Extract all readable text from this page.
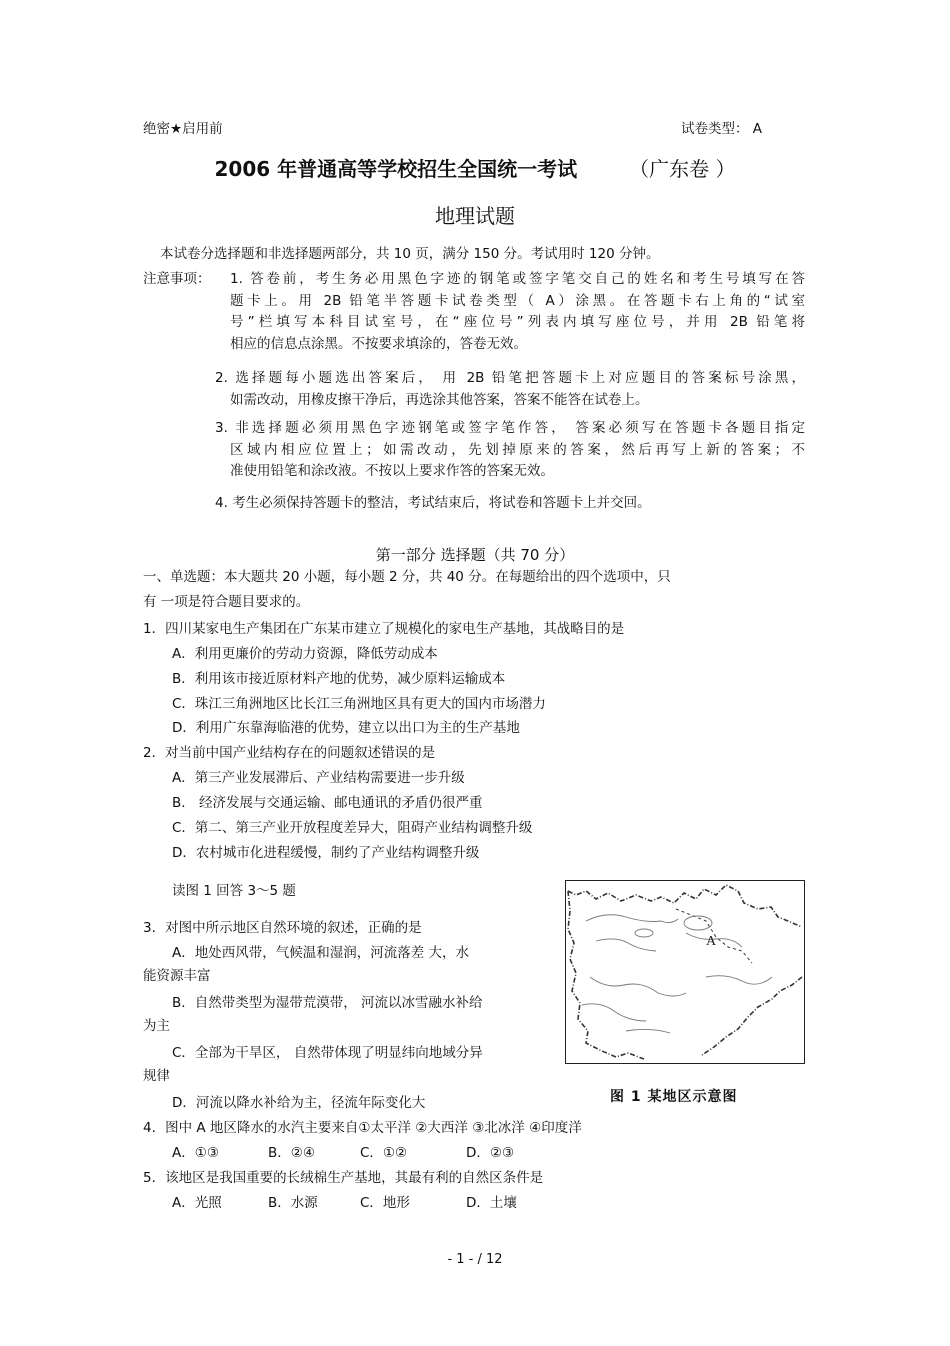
绝密★启用前	试卷类型： A
2006 年普通高等学校招生全国统一考试	（广东卷 ）
地理试题
本试卷分选择题和非选择题两部分，共 10 页，满分 150 分。考试用时 120 分钟。
注意事项： 1. 答卷前，考生务必用黑色字迹的钢笔或签字笔交自己的姓名和考生号填写在答
题卡上。用 2B 铅笔半答题卡试卷类型（ A）涂黑。在答题卡右上角的“试室
号”栏填写本科目试室号，在“座位号”列表内填写座位号，并用 2B 铅笔将
相应的信息点涂黑。不按要求填涂的，答卷无效。
2. 选择题每小题选出答案后， 用 2B 铅笔把答题卡上对应题目的答案标号涂黑，
如需改动，用橡皮擦干净后，再选涂其他答案，答案不能答在试卷上。
3. 非选择题必须用黑色字迹钢笔或签字笔作答， 答案必须写在答题卡各题目指定
区域内相应位置上；如需改动，先划掉原来的答案，然后再写上新的答案；不
准使用铅笔和涂改液。不按以上要求作答的答案无效。
4. 考生必须保持答题卡的整洁，考试结束后，将试卷和答题卡上并交回。
第一部分 选择题（共 70 分）
一、单选题：本大题共 20 小题，每小题 2 分，共 40 分。在每题给出的四个选项中，只
有 一项是符合题目要求的。
1．四川某家电生产集团在广东某市建立了规模化的家电生产基地，其战略目的是
A．利用更廉价的劳动力资源，降低劳动成本
B．利用该市接近原材料产地的优势，减少原料运输成本
C．珠江三角洲地区比长江三角洲地区具有更大的国内市场潜力
D．利用广东靠海临港的优势，建立以出口为主的生产基地
2．对当前中国产业结构存在的问题叙述错误的是
A．第三产业发展滞后、产业结构需要进一步升级
B． 经济发展与交通运输、邮电通讯的矛盾仍很严重
C．第二、第三产业开放程度差异大，阻碍产业结构调整升级
D．农村城市化进程缓慢，制约了产业结构调整升级
读图 1 回答 3～5 题
3．对图中所示地区自然环境的叙述，正确的是
A．地处西风带，气候温和湿润，河流落差 大，水
能资源丰富
B．自然带类型为湿带荒漠带， 河流以冰雪融水补给
为主
C．全部为干旱区， 自然带体现了明显纬向地域分异
规律
D．河流以降水补给为主，径流年际变化大
A
图 1 某地区示意图
4．图中 A 地区降水的水汽主要来自①太平洋 ②大西洋 ③北冰洋 ④印度洋
A．①③	B．②④	C．①②	D．②③
5．该地区是我国重要的长绒棉生产基地，其最有利的自然区条件是
A．光照	B．水源	C．地形	D．土壤
- 1 - / 12
